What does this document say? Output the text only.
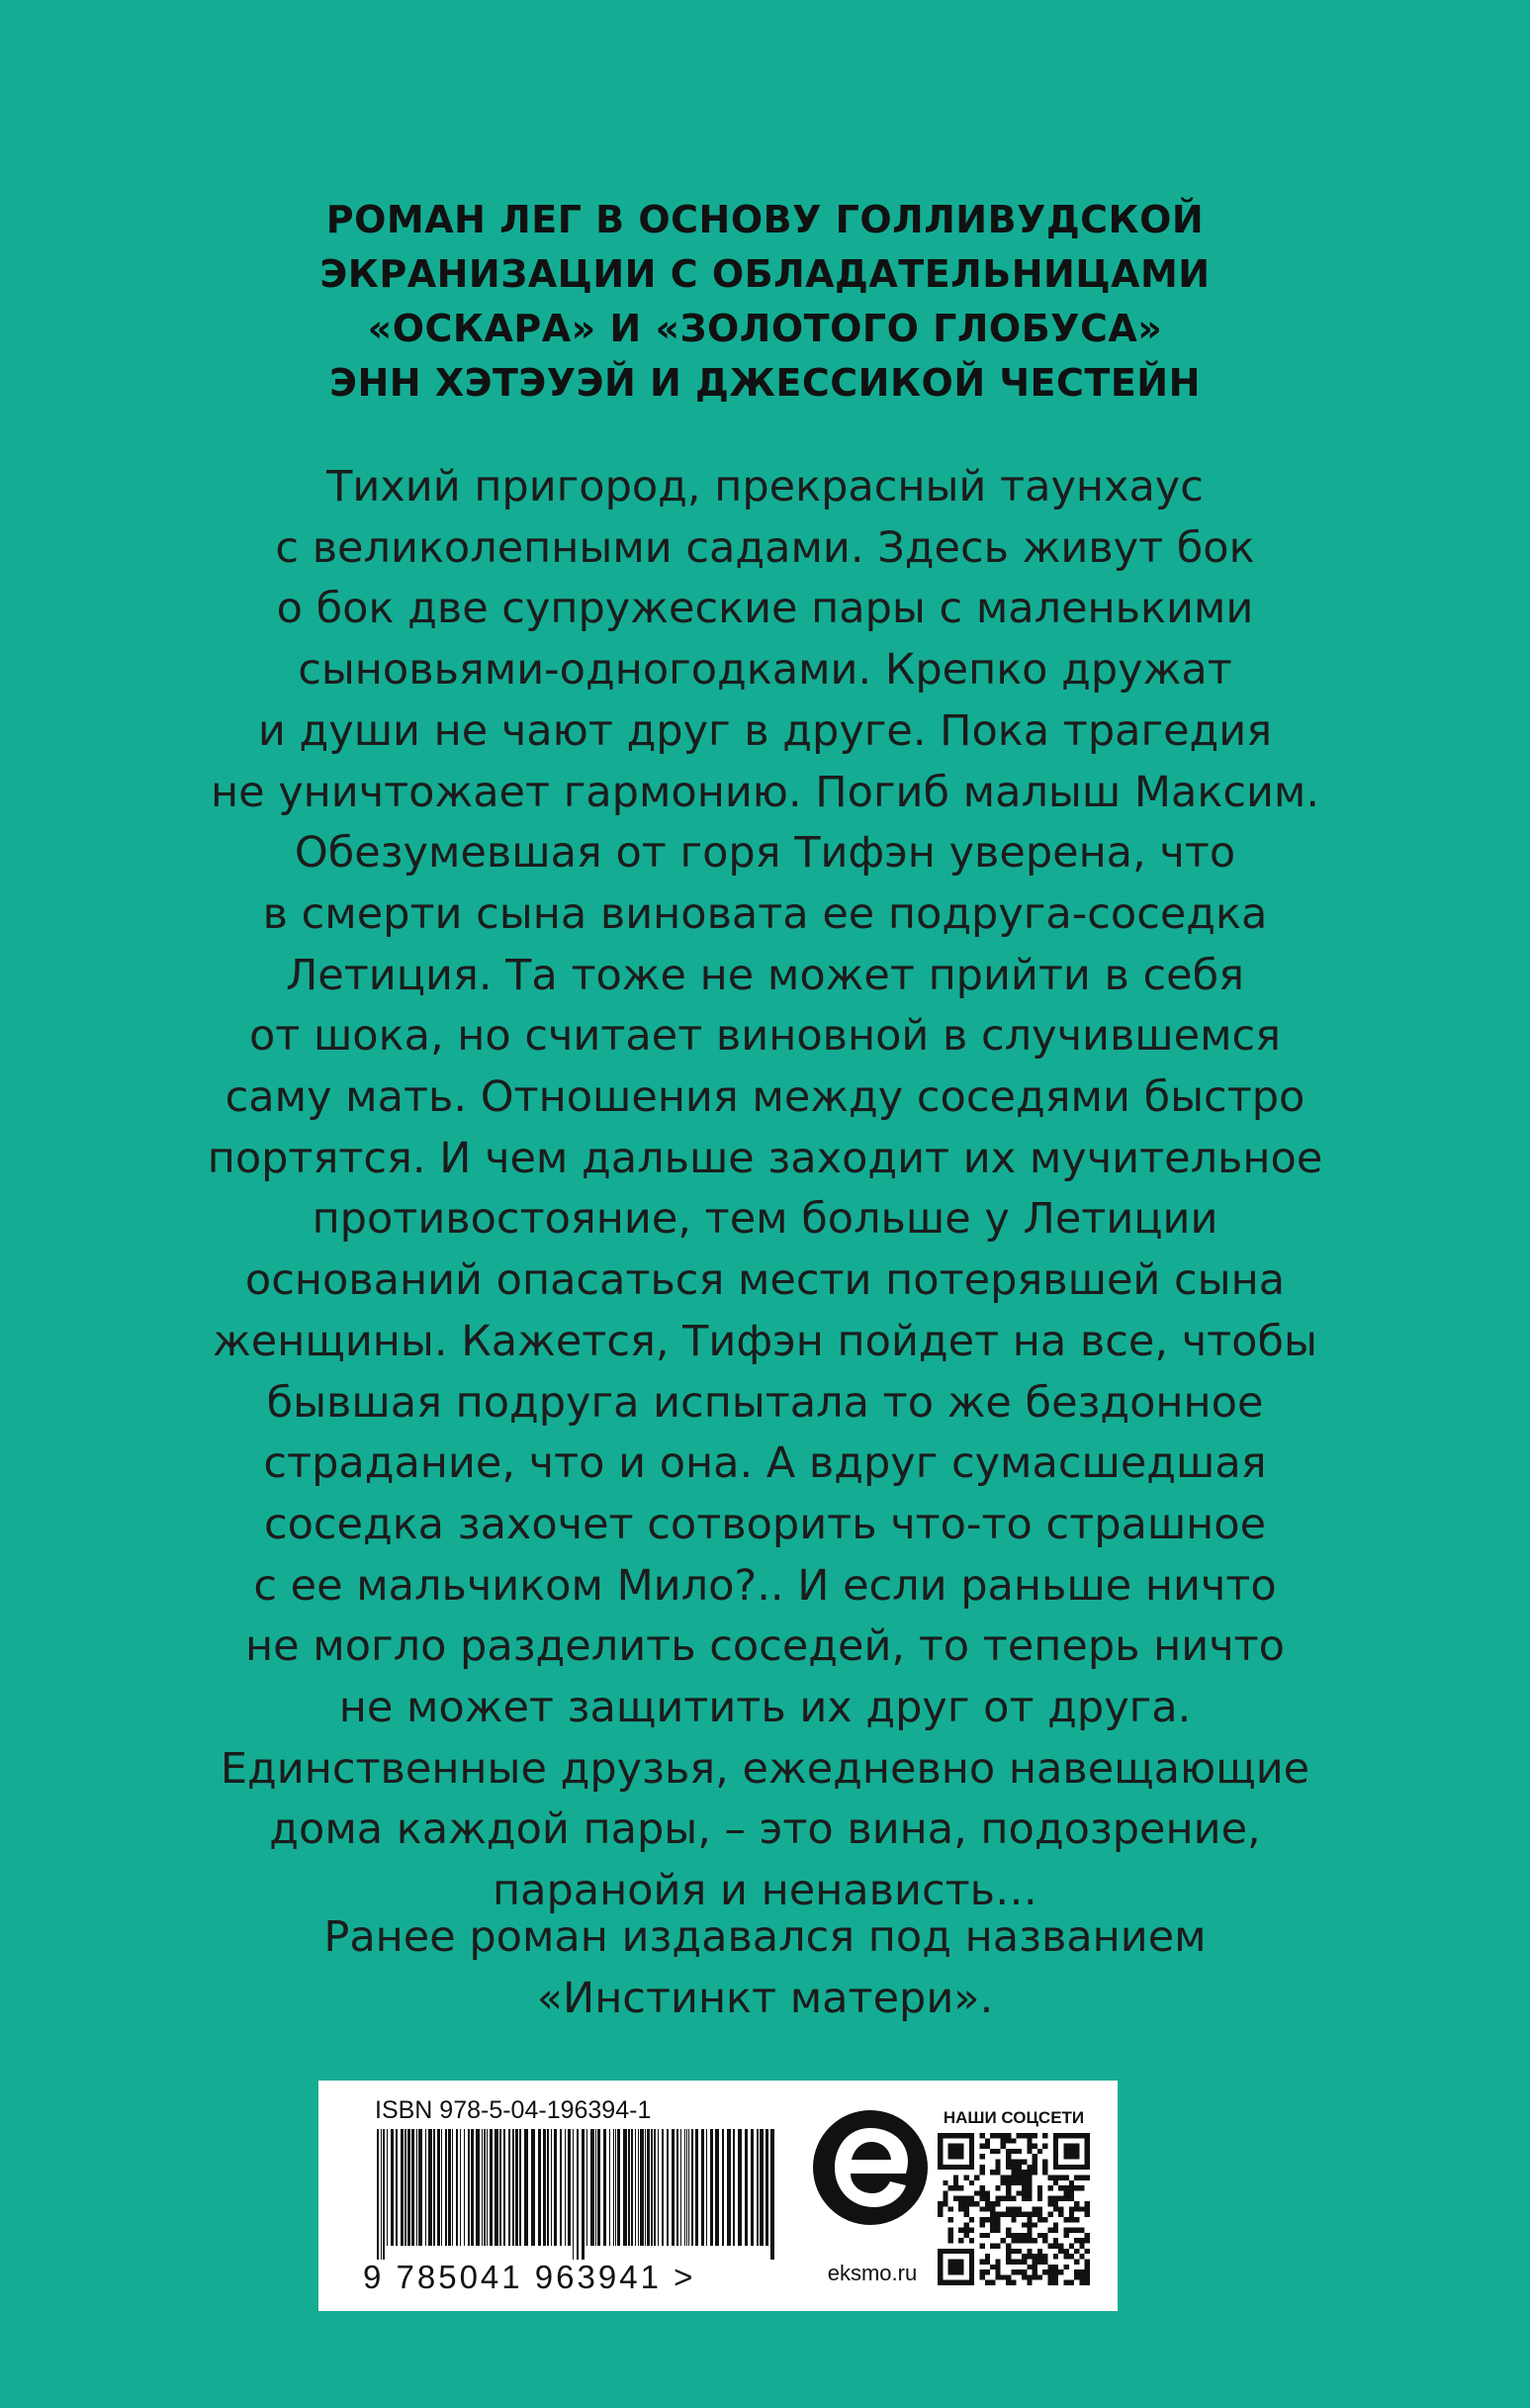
РОМАН ЛЕГ В ОСНОВУ ГОЛЛИВУДСКОЙ
ЭКРАНИЗАЦИИ С ОБЛАДАТЕЛЬНИЦАМИ
«ОСКАРА» И «ЗОЛОТОГО ГЛОБУСА»
ЭНН ХЭТЭУЭЙ И ДЖЕССИКОЙ ЧЕСТЕЙН
Тихий пригород, прекрасный таунхаус
с великолепными садами. Здесь живут бок
о бок две супружеские пары с маленькими
сыновьями-одногодками. Крепко дружат
и души не чают друг в друге. Пока трагедия
не уничтожает гармонию. Погиб малыш Максим.
Обезумевшая от горя Тифэн уверена, что
в смерти сына виновата ее подруга-соседка
Летиция. Та тоже не может прийти в себя
от шока, но считает виновной в случившемся
саму мать. Отношения между соседями быстро
портятся. И чем дальше заходит их мучительное
противостояние, тем больше у Летиции
оснований опасаться мести потерявшей сына
женщины. Кажется, Тифэн пойдет на все, чтобы
бывшая подруга испытала то же бездонное
страдание, что и она. А вдруг сумасшедшая
соседка захочет сотворить что-то страшное
с ее мальчиком Мило?.. И если раньше ничто
не могло разделить соседей, то теперь ничто
не может защитить их друг от друга.
Единственные друзья, ежедневно навещающие
дома каждой пары, – это вина, подозрение,
паранойя и ненависть…
Ранее роман издавался под названием
«Инстинкт матери».
ISBN 978-5-04-196394-1
9 785041 963941 >	eksmo.ru
НАШИ СОЦСЕТИ
